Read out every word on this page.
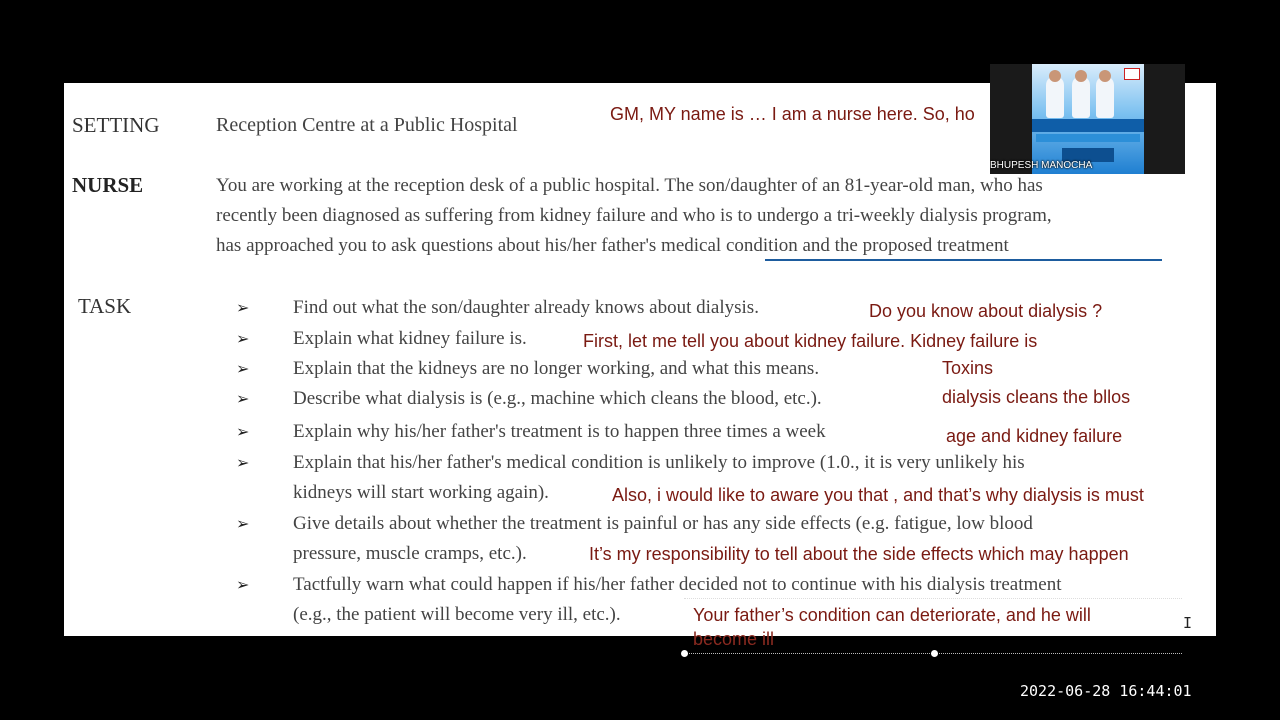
SETTING	Reception Centre at a Public Hospital
NURSE	You are working at the reception desk of a public hospital. The son/daughter of an 81-year-old man, who has
recently been diagnosed as suffering from kidney failure and who is to undergo a tri-weekly dialysis program,
has approached you to ask questions about his/her father's medical condition and the proposed treatment
TASK	➢ Find out what the son/daughter already knows about dialysis.
➢ Explain what kidney failure is.
➢ Explain that the kidneys are no longer working, and what this means.
➢ Describe what dialysis is (e.g., machine which cleans the blood, etc.).
➢ Explain why his/her father's treatment is to happen three times a week
➢ Explain that his/her father's medical condition is unlikely to improve (1.0., it is very unlikely his
kidneys will start working again).
➢ Give details about whether the treatment is painful or has any side effects (e.g. fatigue, low blood
pressure, muscle cramps, etc.).
➢ Tactfully warn what could happen if his/her father decided not to continue with his dialysis treatment
(e.g., the patient will become very ill, etc.).
GM, MY name is … I am a nurse here. So, ho
Do you know about dialysis ?
First, let me tell you about kidney failure. Kidney failure is
Toxins
dialysis cleans the bllos
age and kidney failure
Also, i would like to aware you that , and that’s why dialysis is must
It’s my responsibility to tell about the side effects which may happen
Your father’s condition can deteriorate, and he will
become ill
I
BHUPESH MANOCHA
2022-06-28 16:44:01
